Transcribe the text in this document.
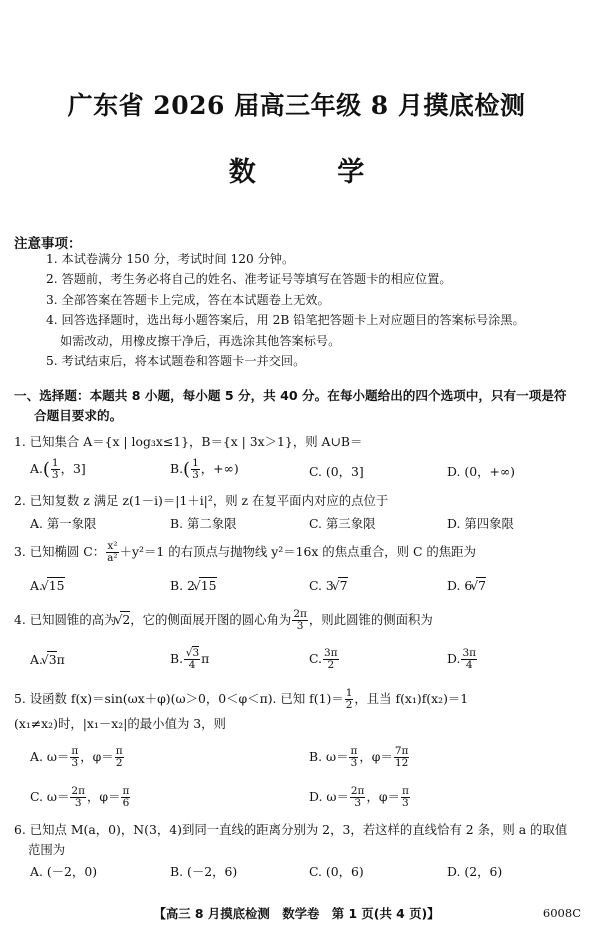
广东省 2026 届高三年级 8 月摸底检测
数 学
注意事项：
1. 本试卷满分 150 分，考试时间 120 分钟。
2. 答题前，考生务必将自己的姓名、准考证号等填写在答题卡的相应位置。
3. 全部答案在答题卡上完成，答在本试题卷上无效。
4. 回答选择题时，选出每小题答案后，用 2B 铅笔把答题卡上对应题目的答案标号涂黑。
如需改动，用橡皮擦干净后，再选涂其他答案标号。
5. 考试结束后，将本试题卷和答题卡一并交回。
一、选择题：本题共 8 小题，每小题 5 分，共 40 分。在每小题给出的四个选项中，只有一项是符
合题目要求的。
1. 已知集合 A＝{x | log₃x≤1}，B＝{x | 3x＞1}，则 A∪B＝
$A.( \frac{1}{3}$ ，3]	$B.( \frac{1}{3}$ ，+∞)	C. (0，3]	D. (0，+∞)
2. 已知复数 z 满足 z(1－i)＝|1＋i|²，则 z 在复平面内对应的点位于
A. 第一象限	B. 第二象限	C. 第三象限	D. 第四象限
3. 已知椭圆 C： $\frac{\text{x²}}{\text{a²}} +y^2=1$ 的右顶点与抛物线 y²＝16x 的焦点重合，则 C 的焦距为
A. √ 15	B. 2 √ 15	C. 3 √ 7	D. 6 √ 7
4. 已知圆锥的高为 √ 2，它的侧面展开图的圆心角为 $\frac{2\pi}{3}$ ，则此圆锥的侧面积为
A. √ 3π	B. √ $\frac{3}{4}$ π	C. $\frac{3\pi}{2}$	D. $\frac{3\pi}{4}$
5. 设函数 f(x)＝sin(ωx＋φ)(ω＞0，0＜φ＜π). 已知 $f(1)= \frac{1}{2}$ ，且当 f(x₁)f(x₂)＝1
(x₁≠x₂)时，|x₁－x₂|的最小值为 3，则
A. $\omega= \frac{\pi}{3}$ ，$\varphi= \frac{\pi}{2}$	B. $\omega= \frac{\pi}{3}$ ，$\varphi= \frac{7\pi}{12}$
C. $\omega= \frac{2\pi}{3}$ ，$\varphi= \frac{\pi}{6}$	D. $\omega= \frac{2\pi}{3}$ ，$\varphi= \frac{\pi}{3}$
6. 已知点 M(a，0)，N(3，4)到同一直线的距离分别为 2，3，若这样的直线恰有 2 条，则 a 的取值
范围为
A. (－2，0)	B. (－2，6)	C. (0，6)	D. (2，6)
【高三 8 月摸底检测　数学卷　第 1 页(共 4 页)】	6008C
